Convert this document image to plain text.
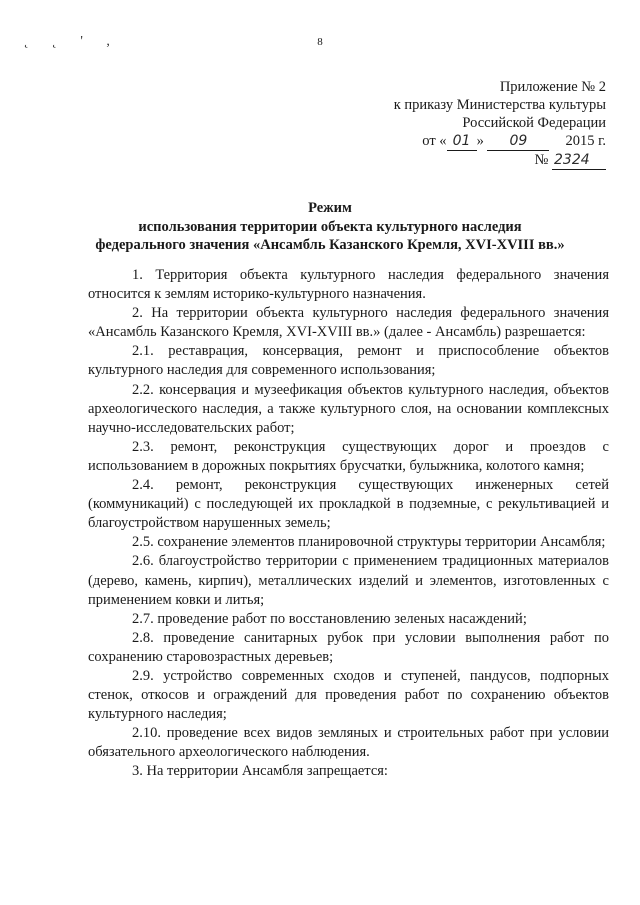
˛ ˛ ' ,	8
Приложение № 2
к приказу Министерства культуры
Российской Федерации
от « 01 » 09	2015 г.
№ 2324
Режим
использования территории объекта культурного наследия
федерального значения «Ансамбль Казанского Кремля, XVI-XVIII вв.»

1. Территория объекта культурного наследия федерального значения относится к землям историко-культурного назначения.

2. На территории объекта культурного наследия федерального значения «Ансамбль Казанского Кремля, XVI-XVIII вв.» (далее - Ансамбль) разрешается:

2.1. реставрация, консервация, ремонт и приспособление объектов культурного наследия для современного использования;

2.2. консервация и музеефикация объектов культурного наследия, объектов археологического наследия, а также культурного слоя, на основании комплексных научно-исследовательских работ;

2.3. ремонт, реконструкция существующих дорог и проездов с использованием в дорожных покрытиях брусчатки, булыжника, колотого камня;

2.4. ремонт, реконструкция существующих инженерных сетей (коммуникаций) с последующей их прокладкой в подземные, с рекультивацией и благоустройством нарушенных земель;

2.5. сохранение элементов планировочной структуры территории Ансамбля;

2.6. благоустройство территории с применением традиционных материалов (дерево, камень, кирпич), металлических изделий и элементов, изготовленных с применением ковки и литья;

2.7. проведение работ по восстановлению зеленых насаждений;

2.8. проведение санитарных рубок при условии выполнения работ по сохранению старовозрастных деревьев;

2.9. устройство современных сходов и ступеней, пандусов, подпорных стенок, откосов и ограждений для проведения работ по сохранению объектов культурного наследия;

2.10. проведение всех видов земляных и строительных работ при условии обязательного археологического наблюдения.

3. На территории Ансамбля запрещается:
